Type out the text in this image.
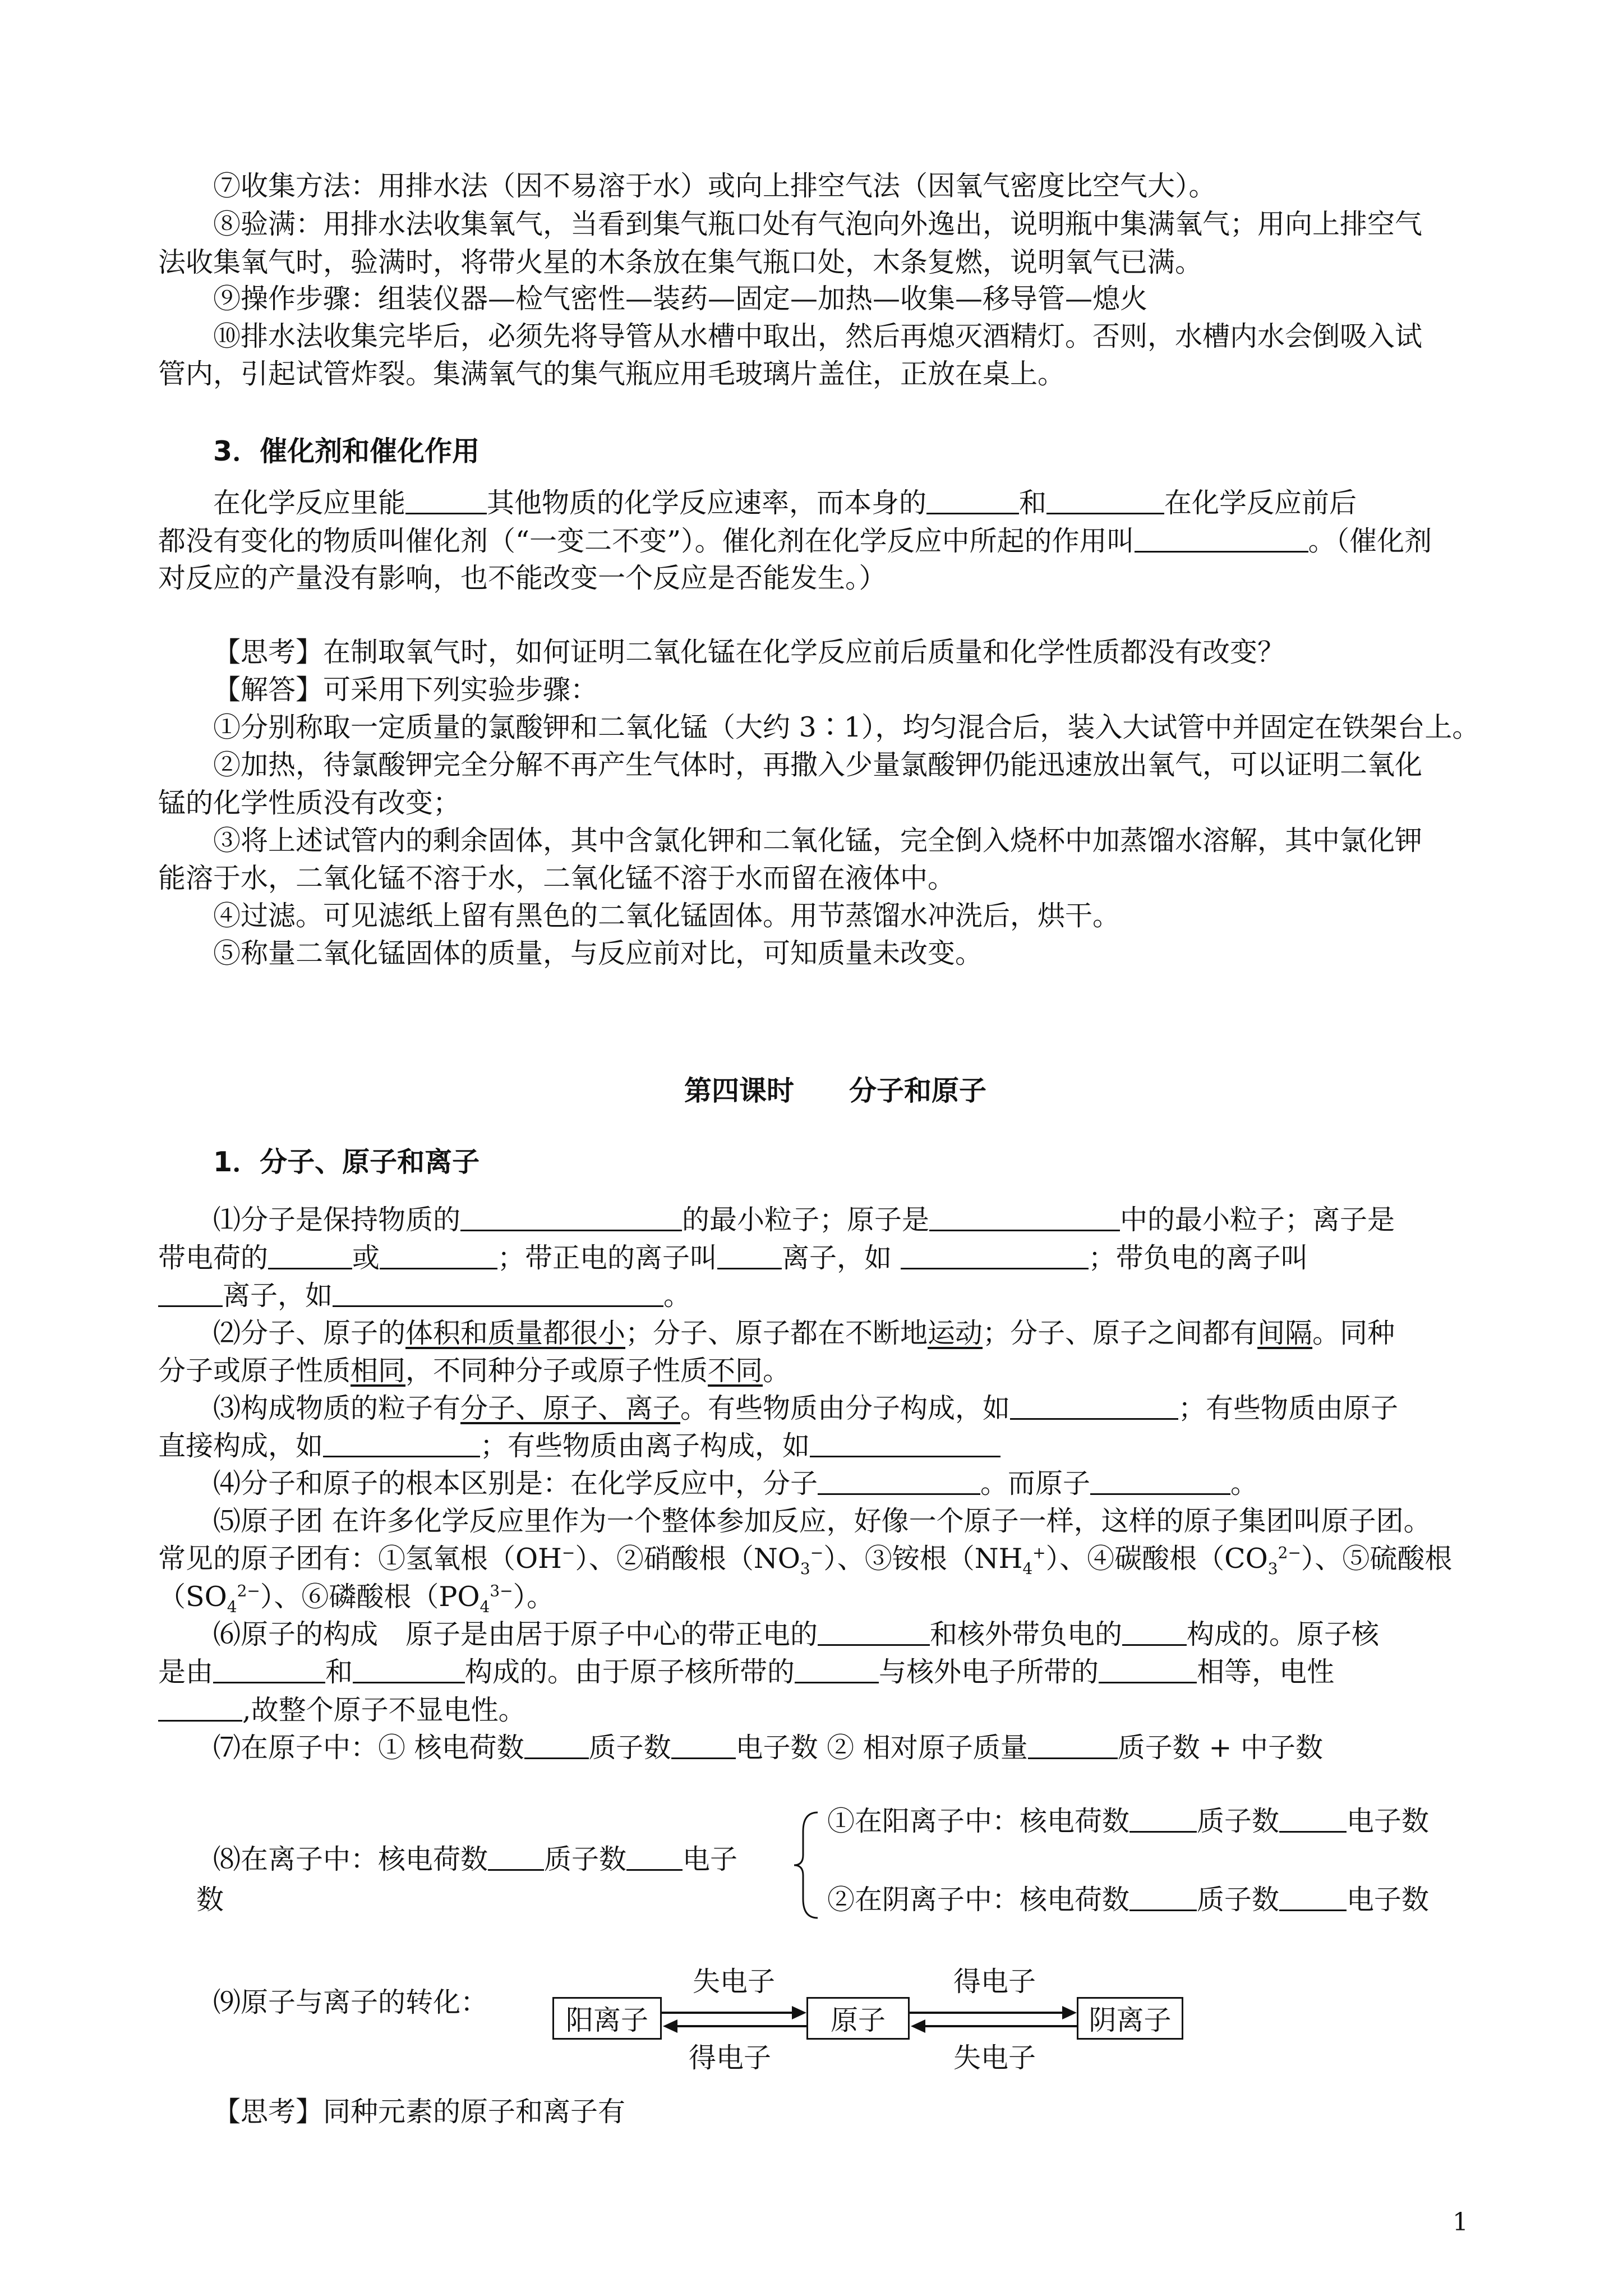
⑦收集方法：用排水法（因不易溶于水）或向上排空气法（因氧气密度比空气大）。
⑧验满：用排水法收集氧气，当看到集气瓶口处有气泡向外逸出，说明瓶中集满氧气；用向上排空气
法收集氧气时，验满时，将带火星的木条放在集气瓶口处，木条复燃，说明氧气已满。
⑨操作步骤：组装仪器—检气密性—装药—固定—加热—收集—移导管—熄火
⑩排水法收集完毕后，必须先将导管从水槽中取出，然后再熄灭酒精灯。否则，水槽内水会倒吸入试
管内，引起试管炸裂。集满氧气的集气瓶应用毛玻璃片盖住，正放在桌上。
3．催化剂和催化作用
在化学反应里能	其他物质的化学反应速率，而本身的	和	在化学反应前后
都没有变化的物质叫催化剂（“一变二不变”）。催化剂在化学反应中所起的作用叫	。（催化剂
对反应的产量没有影响，也不能改变一个反应是否能发生。）
【思考】在制取氧气时，如何证明二氧化锰在化学反应前后质量和化学性质都没有改变？
【解答】可采用下列实验步骤：
①分别称取一定质量的氯酸钾和二氧化锰（大约 3∶1），均匀混合后，装入大试管中并固定在铁架台上。
②加热，待氯酸钾完全分解不再产生气体时，再撒入少量氯酸钾仍能迅速放出氧气，可以证明二氧化
锰的化学性质没有改变；
③将上述试管内的剩余固体，其中含氯化钾和二氧化锰，完全倒入烧杯中加蒸馏水溶解，其中氯化钾
能溶于水，二氧化锰不溶于水，二氧化锰不溶于水而留在液体中。
④过滤。可见滤纸上留有黑色的二氧化锰固体。用节蒸馏水冲洗后，烘干。
⑤称量二氧化锰固体的质量，与反应前对比，可知质量未改变。
第四课时　　分子和原子
1．分子、原子和离子
⑴分子是保持物质的	的最小粒子；原子是	中的最小粒子；离子是
带电荷的	或	；带正电的离子叫 离子，如	；带负电的离子叫
离子，如	。
⑵分子、原子的体积和质量都很小；分子、原子都在不断地运动；分子、原子之间都有间隔。同种
分子或原子性质相同，不同种分子或原子性质不同。
⑶构成物质的粒子有分子、原子、离子。有些物质由分子构成，如	；有些物质由原子
直接构成，如	；有些物质由离子构成，如
⑷分子和原子的根本区别是：在化学反应中，分子	。而原子	。
⑸原子团 在许多化学反应里作为一个整体参加反应，好像一个原子一样，这样的原子集团叫原子团。
常见的原子团有：①氢氧根（OH−）、②硝酸根$(NO_3^-)$、③铵根$(NH_4^+)$、④碳酸根$(CO_3^{2-})$、⑤硫酸根
$(SO_4^{2-})$、⑥磷酸根$(PO_4^{3-})$。
⑹原子的构成　原子是由居于原子中心的带正电的	和核外带负电的 构成的。原子核
是由	和	构成的。由于原子核所带的	与核外电子所带的	相等，电性
,故整个原子不显电性。
⑺在原子中：① 核电荷数 质子数 电子数 ② 相对原子质量	质子数 + 中子数
⑻在离子中：核电荷数 质子数 电子
数
①在阳离子中：核电荷数 质子数 电子数
②在阴离子中：核电荷数 质子数 电子数
⑼原子与离子的转化：
阳离子	原子	阴离子
失电子
得电子
得电子
失电子
【思考】同种元素的原子和离子有
1
